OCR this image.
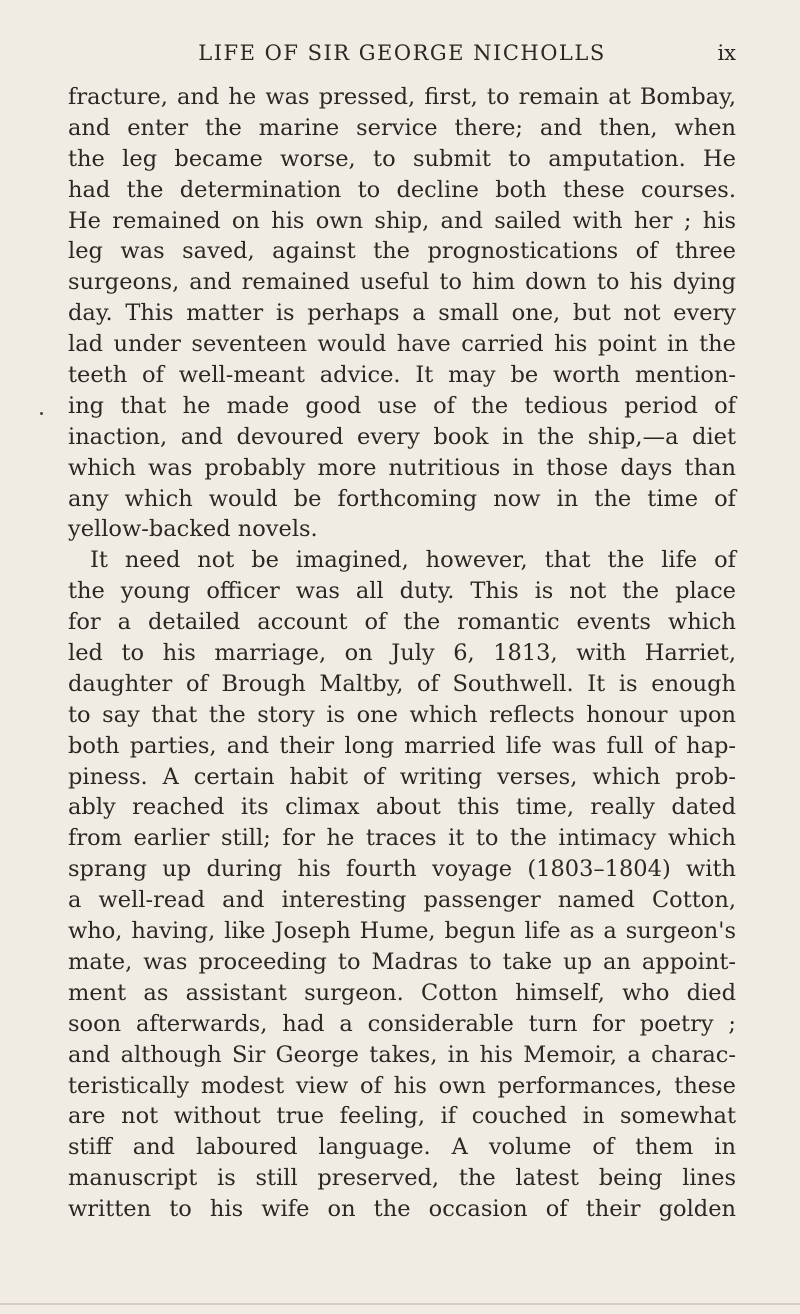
LIFE OF SIR GEORGE NICHOLLS	ix
fracture, and he was pressed, first, to remain at Bombay,
and enter the marine service there; and then, when
the leg became worse, to submit to amputation. He
had the determination to decline both these courses.
He remained on his own ship, and sailed with her ; his
leg was saved, against the prognostications of three
surgeons, and remained useful to him down to his dying
day. This matter is perhaps a small one, but not every
lad under seventeen would have carried his point in the
teeth of well-meant advice. It may be worth mention-
ing that he made good use of the tedious period of
inaction, and devoured every book in the ship,—a diet
which was probably more nutritious in those days than
any which would be forthcoming now in the time of
yellow-backed novels.
It need not be imagined, however, that the life of
the young officer was all duty. This is not the place
for a detailed account of the romantic events which
led to his marriage, on July 6, 1813, with Harriet,
daughter of Brough Maltby, of Southwell. It is enough
to say that the story is one which reflects honour upon
both parties, and their long married life was full of hap-
piness. A certain habit of writing verses, which prob-
ably reached its climax about this time, really dated
from earlier still; for he traces it to the intimacy which
sprang up during his fourth voyage (1803–1804) with
a well-read and interesting passenger named Cotton,
who, having, like Joseph Hume, begun life as a surgeon's
mate, was proceeding to Madras to take up an appoint-
ment as assistant surgeon. Cotton himself, who died
soon afterwards, had a considerable turn for poetry ;
and although Sir George takes, in his Memoir, a charac-
teristically modest view of his own performances, these
are not without true feeling, if couched in somewhat
stiff and laboured language. A volume of them in
manuscript is still preserved, the latest being lines
written to his wife on the occasion of their golden
